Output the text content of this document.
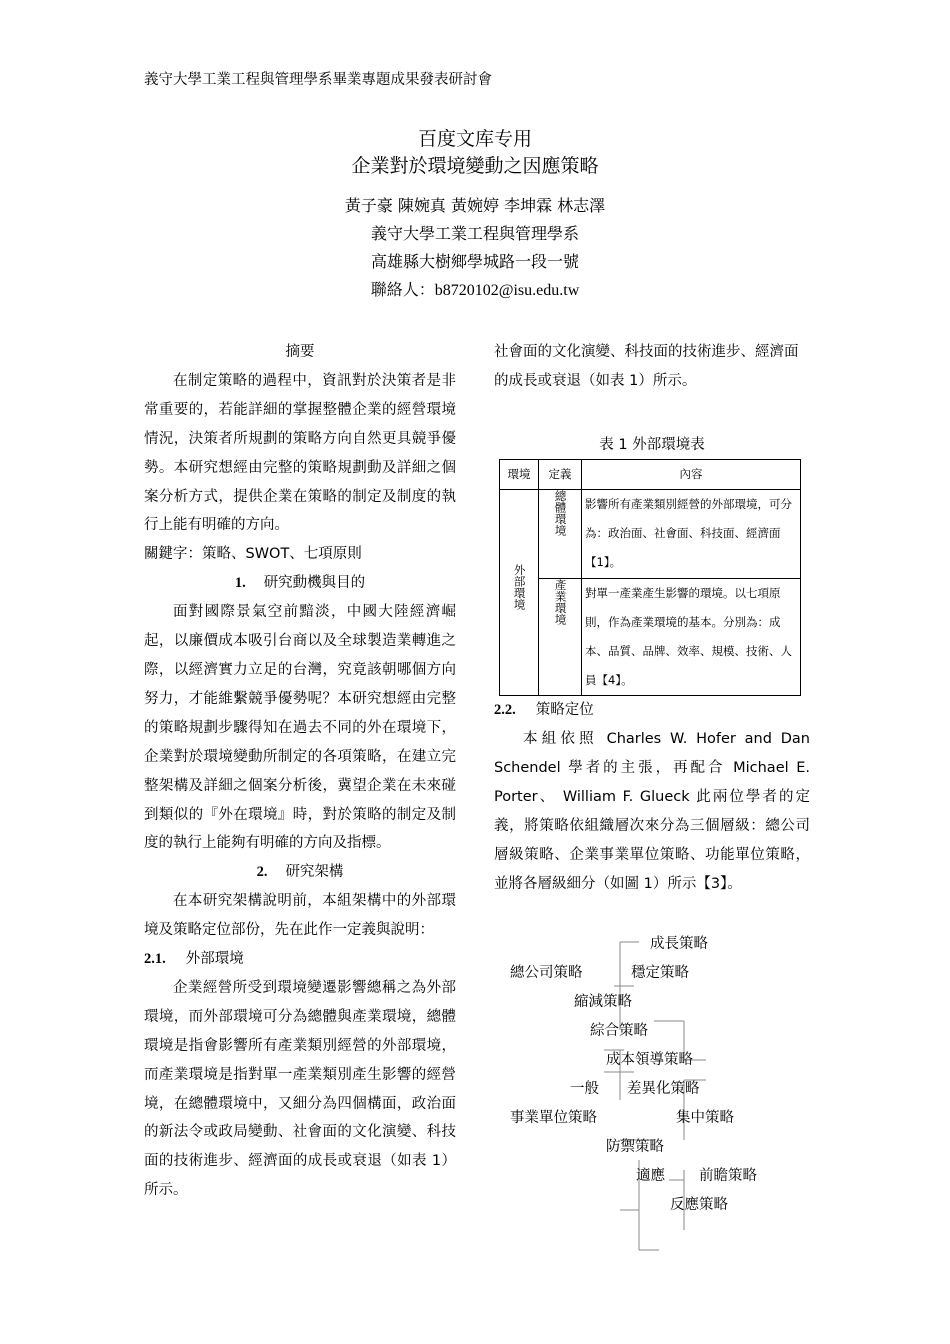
義守大學工業工程與管理學系畢業專題成果發表研討會
百度文库专用
企業對於環境變動之因應策略
黃子豪 陳婉真 黃婉婷 李坤霖 林志澤
義守大學工業工程與管理學系
高雄縣大樹鄉學城路一段一號
聯絡人：b8720102@isu.edu.tw
摘要
在制定策略的過程中，資訊對於決策者是非常重要的，若能詳細的掌握整體企業的經營環境情況，決策者所規劃的策略方向自然更具競爭優勢。本研究想經由完整的策略規劃動及詳細之個案分析方式，提供企業在策略的制定及制度的執行上能有明確的方向。
關鍵字：策略、SWOT、七項原則
1. 研究動機與目的
面對國際景氣空前黯淡，中國大陸經濟崛起，以廉價成本吸引台商以及全球製造業轉進之際，以經濟實力立足的台灣，究竟該朝哪個方向努力，才能維繫競爭優勢呢？本研究想經由完整的策略規劃步驟得知在過去不同的外在環境下，企業對於環境變動所制定的各項策略，在建立完整架構及詳細之個案分析後，冀望企業在未來碰到類似的『外在環境』時，對於策略的制定及制度的執行上能夠有明確的方向及指標。
2. 研究架構
在本研究架構說明前，本組架構中的外部環境及策略定位部份，先在此作一定義與說明：
2.1. 外部環境
企業經營所受到環境變遷影響總稱之為外部環境，而外部環境可分為總體與產業環境，總體環境是指會影響所有產業類別經營的外部環境，而產業環境是指對單一產業類別產生影響的經營境，在總體環境中，又細分為四個構面，政治面的新法令或政局變動、社會面的文化演變、科技面的技術進步、經濟面的成長或衰退（如表 1）所示。
社會面的文化演變、科技面的技術進步、經濟面的成長或衰退（如表 1）所示。
表 1 外部環境表
環境	定義	內容
外部環境	總體環境	影響所有產業類別經營的外部環境，可分為：政治面、社會面、科技面、經濟面【1】。
	產業環境	對單一產業產生影響的環境。以七項原則，作為產業環境的基本。分別為：成本、品質、品牌、效率、規模、技術、人員【4】。
2.2. 策略定位
本組依照 Charles W. Hofer and Dan Schendel 學者的主張，再配合 Michael E. Porter、 William F. Glueck 此兩位學者的定義，將策略依組織層次來分為三個層級：總公司層級策略、企業事業單位策略、功能單位策略，並將各層級細分（如圖 1）所示【3】。
成長策略
總公司策略	穩定策略
縮減策略
綜合策略
成本領導策略
一般 差異化策略
事業單位策略	集中策略
防禦策略
適應 前瞻策略
反應策略
